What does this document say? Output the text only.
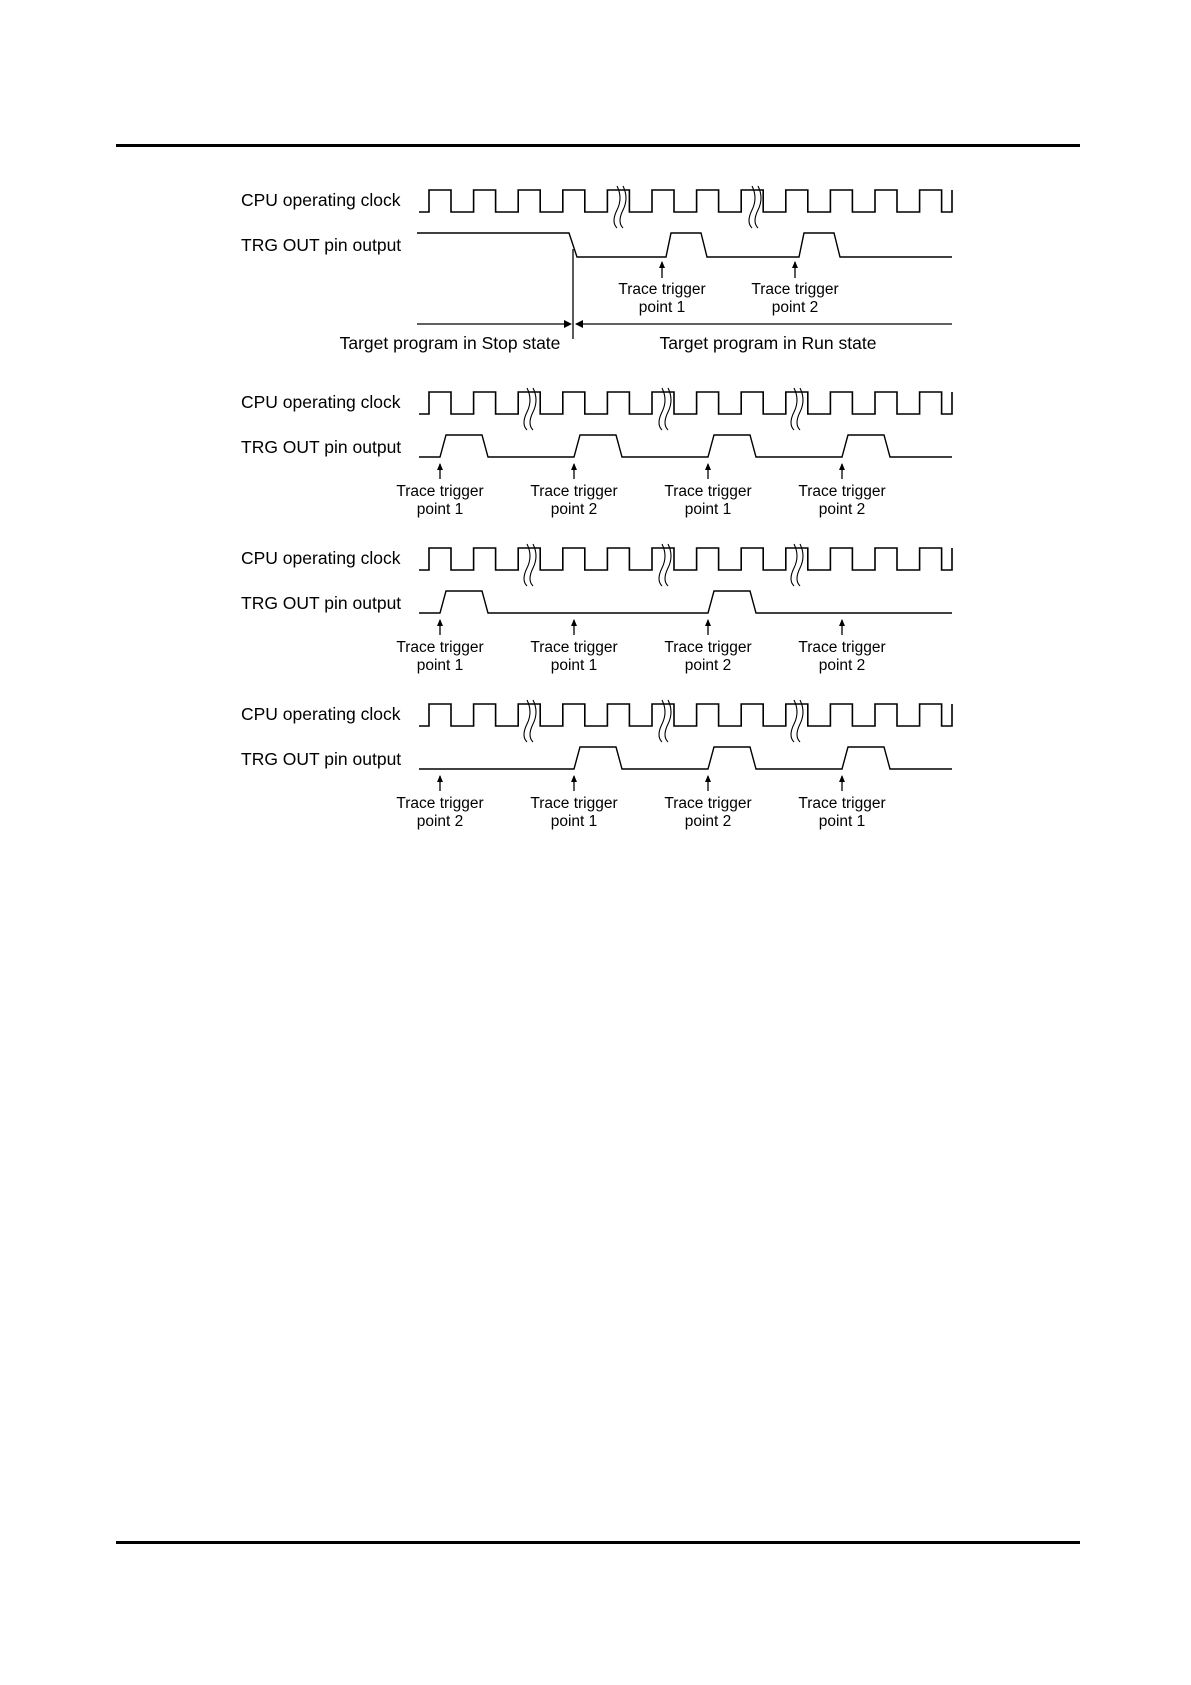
CPU operating clock
TRG OUT pin output
Trace trigger
point 1
Trace trigger
point 2
Target program in Stop state	Target program in Run state
CPU operating clock
TRG OUT pin output
Trace trigger
point 1
Trace trigger
point 2
Trace trigger
point 1
Trace trigger
point 2
CPU operating clock
TRG OUT pin output
Trace trigger
point 1
Trace trigger
point 1
Trace trigger
point 2
Trace trigger
point 2
CPU operating clock
TRG OUT pin output
Trace trigger
point 2
Trace trigger
point 1
Trace trigger
point 2
Trace trigger
point 1
